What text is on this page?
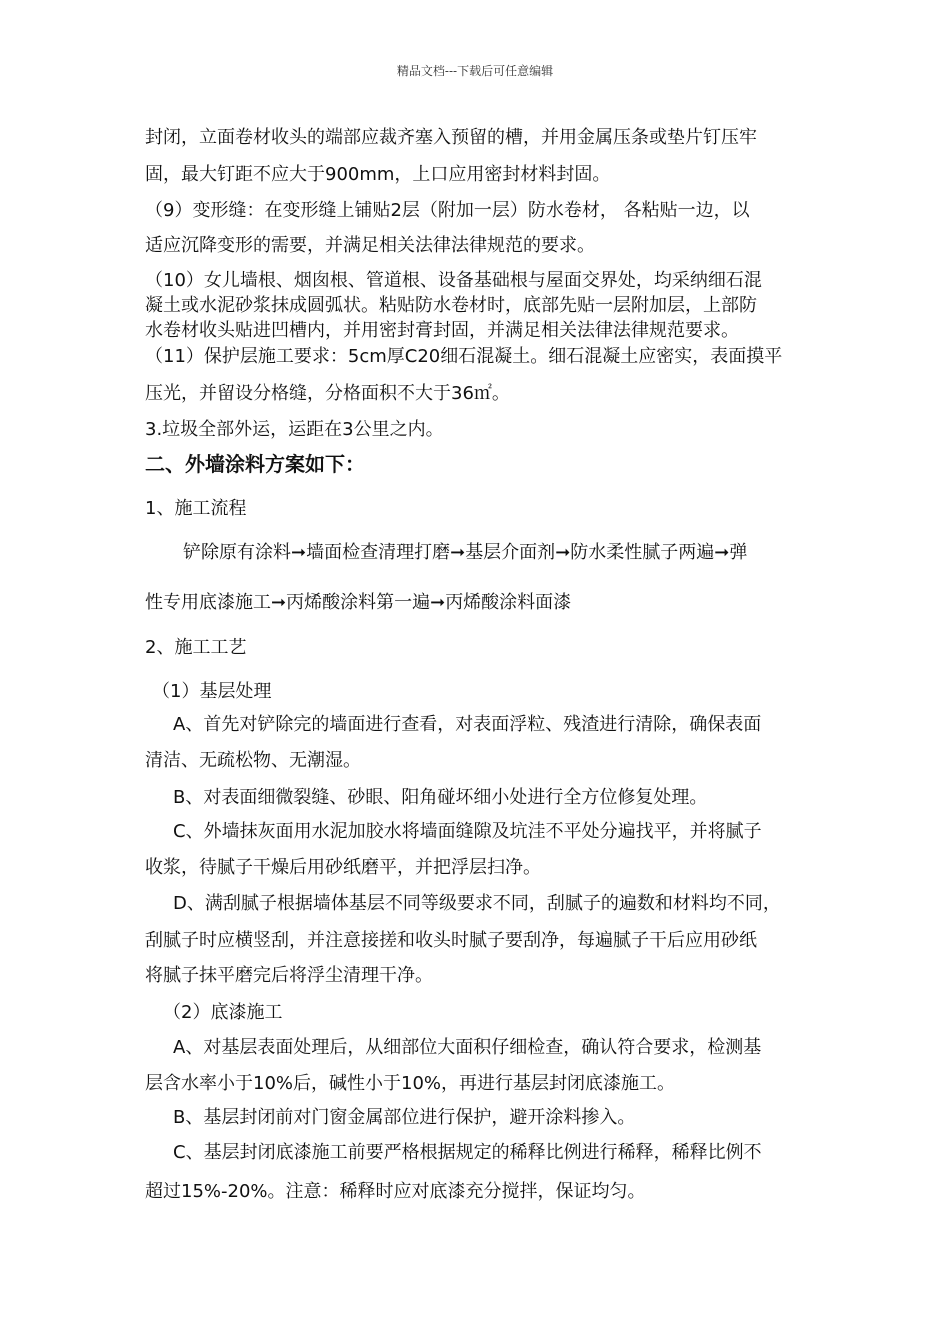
精品文档---下载后可任意编辑
封闭，立面卷材收头的端部应裁齐塞入预留的槽，并用金属压条或垫片钉压牢
固，最大钉距不应大于900mm，上口应用密封材料封固。
（9）变形缝：在变形缝上铺贴2层（附加一层）防水卷材， 各粘贴一边，以
适应沉降变形的需要，并满足相关法律法律规范的要求。
（10）女儿墙根、烟囱根、管道根、设备基础根与屋面交界处，均采纳细石混
凝土或水泥砂浆抹成圆弧状。粘贴防水卷材时，底部先贴一层附加层，上部防
水卷材收头贴进凹槽内，并用密封膏封固，并满足相关法律法律规范要求。
（11）保护层施工要求：5cm厚C20细石混凝土。细石混凝土应密实，表面摸平
压光，并留设分格缝，分格面积不大于36㎡。
3.垃圾全部外运，运距在3公里之内。
二、外墙涂料方案如下：
1、施工流程
铲除原有涂料➞墙面检查清理打磨➞基层介面剂➞防水柔性腻子两遍➞弹
性专用底漆施工➞丙烯酸涂料第一遍➞丙烯酸涂料面漆
2、施工工艺
（1）基层处理
A、首先对铲除完的墙面进行查看，对表面浮粒、残渣进行清除，确保表面
清洁、无疏松物、无潮湿。
B、对表面细微裂缝、砂眼、阳角碰坏细小处进行全方位修复处理。
C、外墙抹灰面用水泥加胶水将墙面缝隙及坑洼不平处分遍找平，并将腻子
收浆，待腻子干燥后用砂纸磨平，并把浮层扫净。
D、满刮腻子根据墙体基层不同等级要求不同，刮腻子的遍数和材料均不同，
刮腻子时应横竖刮，并注意接搓和收头时腻子要刮净，每遍腻子干后应用砂纸
将腻子抹平磨完后将浮尘清理干净。
（2）底漆施工
A、对基层表面处理后，从细部位大面积仔细检查，确认符合要求，检测基
层含水率小于10%后，碱性小于10%，再进行基层封闭底漆施工。
B、基层封闭前对门窗金属部位进行保护，避开涂料掺入。
C、基层封闭底漆施工前要严格根据规定的稀释比例进行稀释，稀释比例不
超过15%-20%。注意：稀释时应对底漆充分搅拌，保证均匀。
